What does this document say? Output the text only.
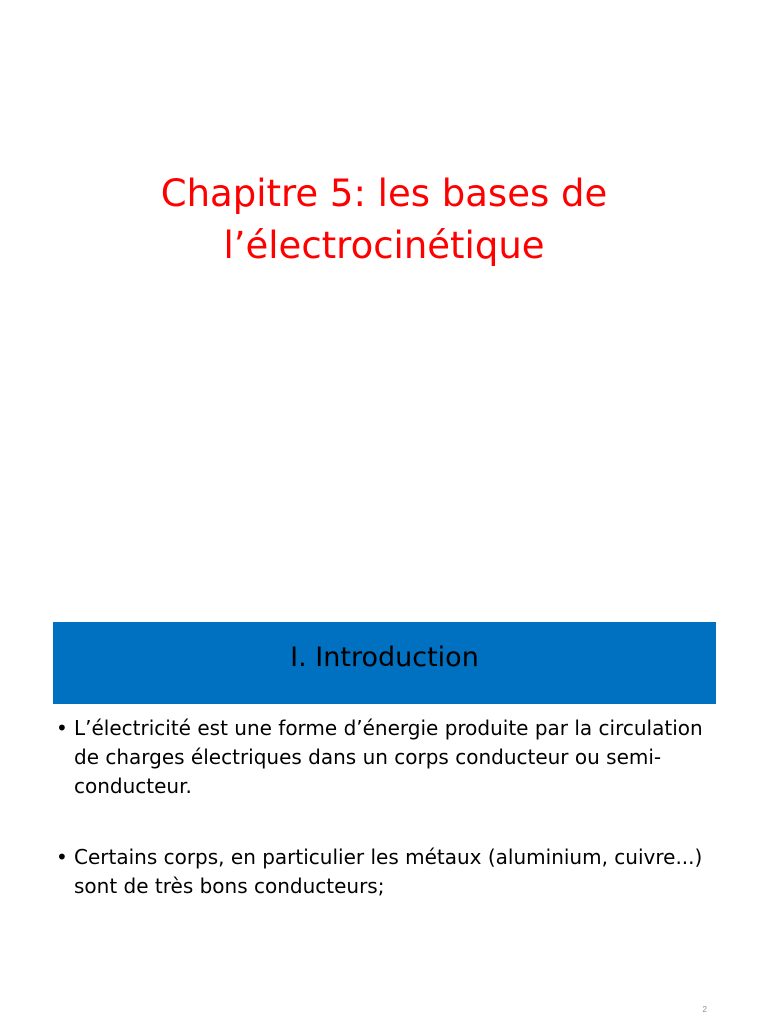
Chapitre 5: les bases de
l’électrocinétique
I. Introduction
• L’électricité est une forme d’énergie produite par la circulation de charges électriques dans un corps conducteur ou semi-conducteur.
• Certains corps, en particulier les métaux (aluminium, cuivre...) sont de très bons conducteurs;
2
